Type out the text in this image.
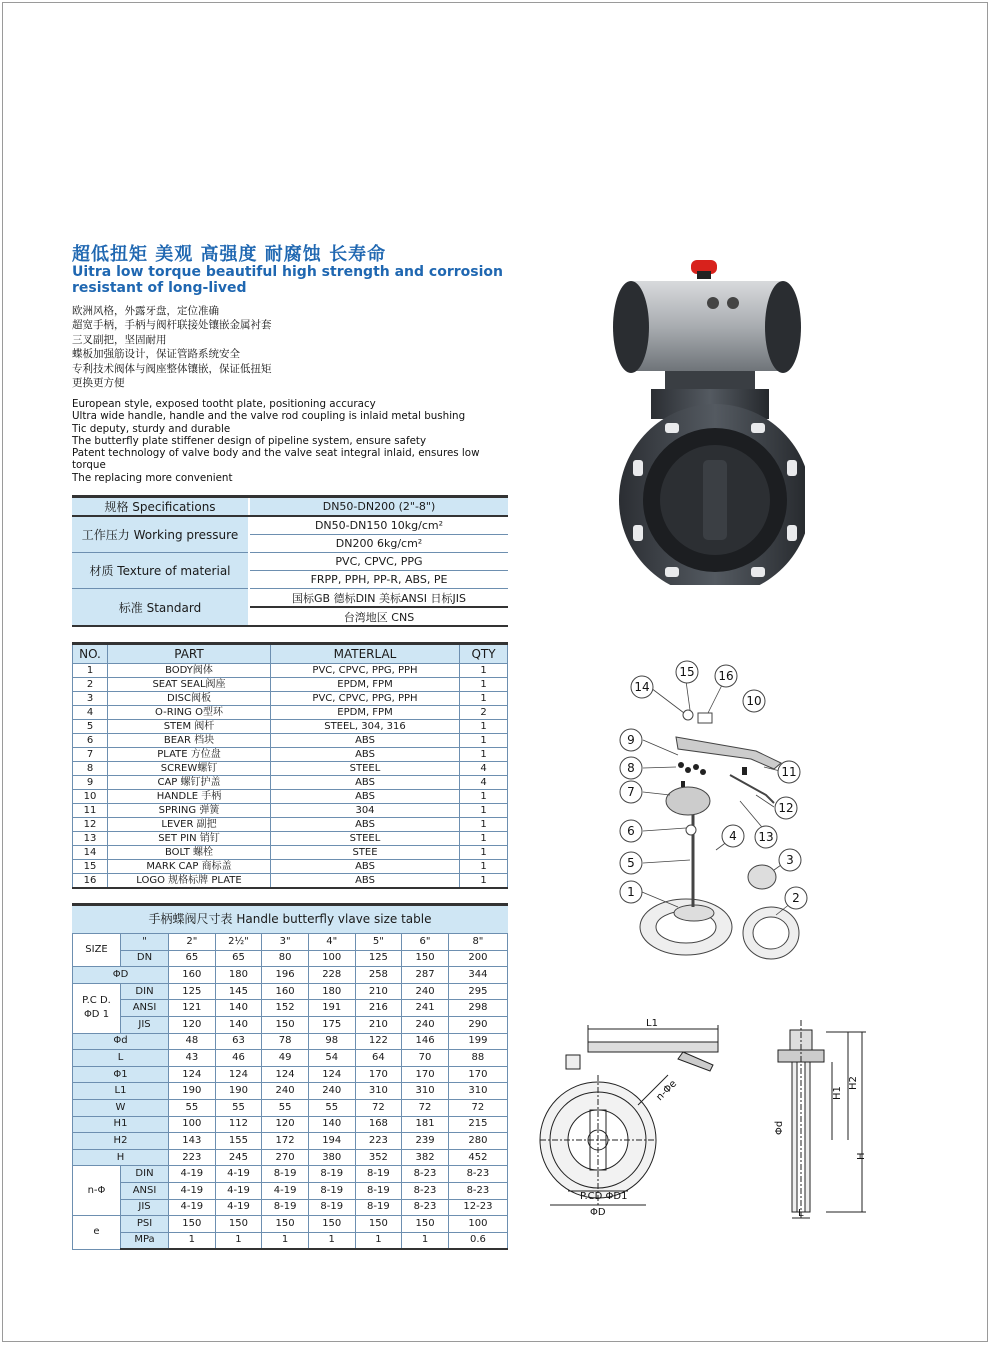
超低扭矩 美观 高强度 耐腐蚀 长寿命
Uitra low torque beautiful high strength and corrosion resistant of long-lived
欧洲风格，外露牙盘，定位准确
超宽手柄，手柄与阀杆联接处镶嵌金属衬套
三叉副把，坚固耐用
蝶板加强筋设计，保证管路系统安全
专利技术阀体与阀座整体镶嵌，保证低扭矩
更换更方便
European style, exposed tootht plate, positioning accuracy
Ultra wide handle, handle and the valve rod coupling is inlaid metal bushing
Tic deputy, sturdy and durable
The butterfly plate stiffener design of pipeline system, ensure safety
Patent technology of valve body and the valve seat integral inlaid, ensures low torque
The replacing more convenient
规格 Specifications	DN50-DN200 (2"-8")
工作压力 Working pressure	DN50-DN150 10kg/cm²
	DN200 6kg/cm²
材质 Texture of material	PVC, CPVC, PPG
	FRPP, PPH, PP-R, ABS, PE
标准 Standard	国标GB 德标DIN 美标ANSI 日标JIS
	台湾地区 CNS
NO.	PART	MATERLAL	QTY
1	BODY阀体	PVC, CPVC, PPG, PPH	1
2	SEAT SEAL阀座	EPDM, FPM	1
3	DISC阀板	PVC, CPVC, PPG, PPH	1
4	O-RING O型环	EPDM, FPM	2
5	STEM 阀杆	STEEL, 304, 316	1
6	BEAR 档块	ABS	1
7	PLATE 方位盘	ABS	1
8	SCREW螺钉	STEEL	4
9	CAP 螺钉护盖	ABS	4
10	HANDLE 手柄	ABS	1
11	SPRING 弹簧	304	1
12	LEVER 副把	ABS	1
13	SET PIN 销钉	STEEL	1
14	BOLT 螺栓	STEE	1
15	MARK CAP 商标盖	ABS	1
16	LOGO 规格标牌 PLATE	ABS	1
手柄蝶阀尺寸表 Handle butterfly vlave size table
SIZE	"	2"	2½"	3"	4"	5"	6"	8"
	DN	65	65	80	100	125	150	200
ΦD		160	180	196	228	258	287	344
P.C D. ΦD 1	DIN	125	145	160	180	210	240	295
	ANSI	121	140	152	191	216	241	298
	JIS	120	140	150	175	210	240	290
Φd		48	63	78	98	122	146	199
L		43	46	49	54	64	70	88
Φ1		124	124	124	124	170	170	170
L1		190	190	240	240	310	310	310
W		55	55	55	55	72	72	72
H1		100	112	120	140	168	181	215
H2		143	155	172	194	223	239	280
H		223	245	270	380	352	382	452
n-Φ	DIN	4-19	4-19	8-19	8-19	8-19	8-23	8-23
	ANSI	4-19	4-19	4-19	8-19	8-19	8-23	8-23
	JIS	4-19	4-19	8-19	8-19	8-19	8-23	12-23
e	PSI	150	150	150	150	150	150	100
	MPa	1	1	1	1	1	1	0.6
1	2
3
4
5
6
7
8
9
10
11
12
13
14
15 16
L1
n-Φe
P.CD ΦD1
ΦD
Φd
H1
H2
H
L
